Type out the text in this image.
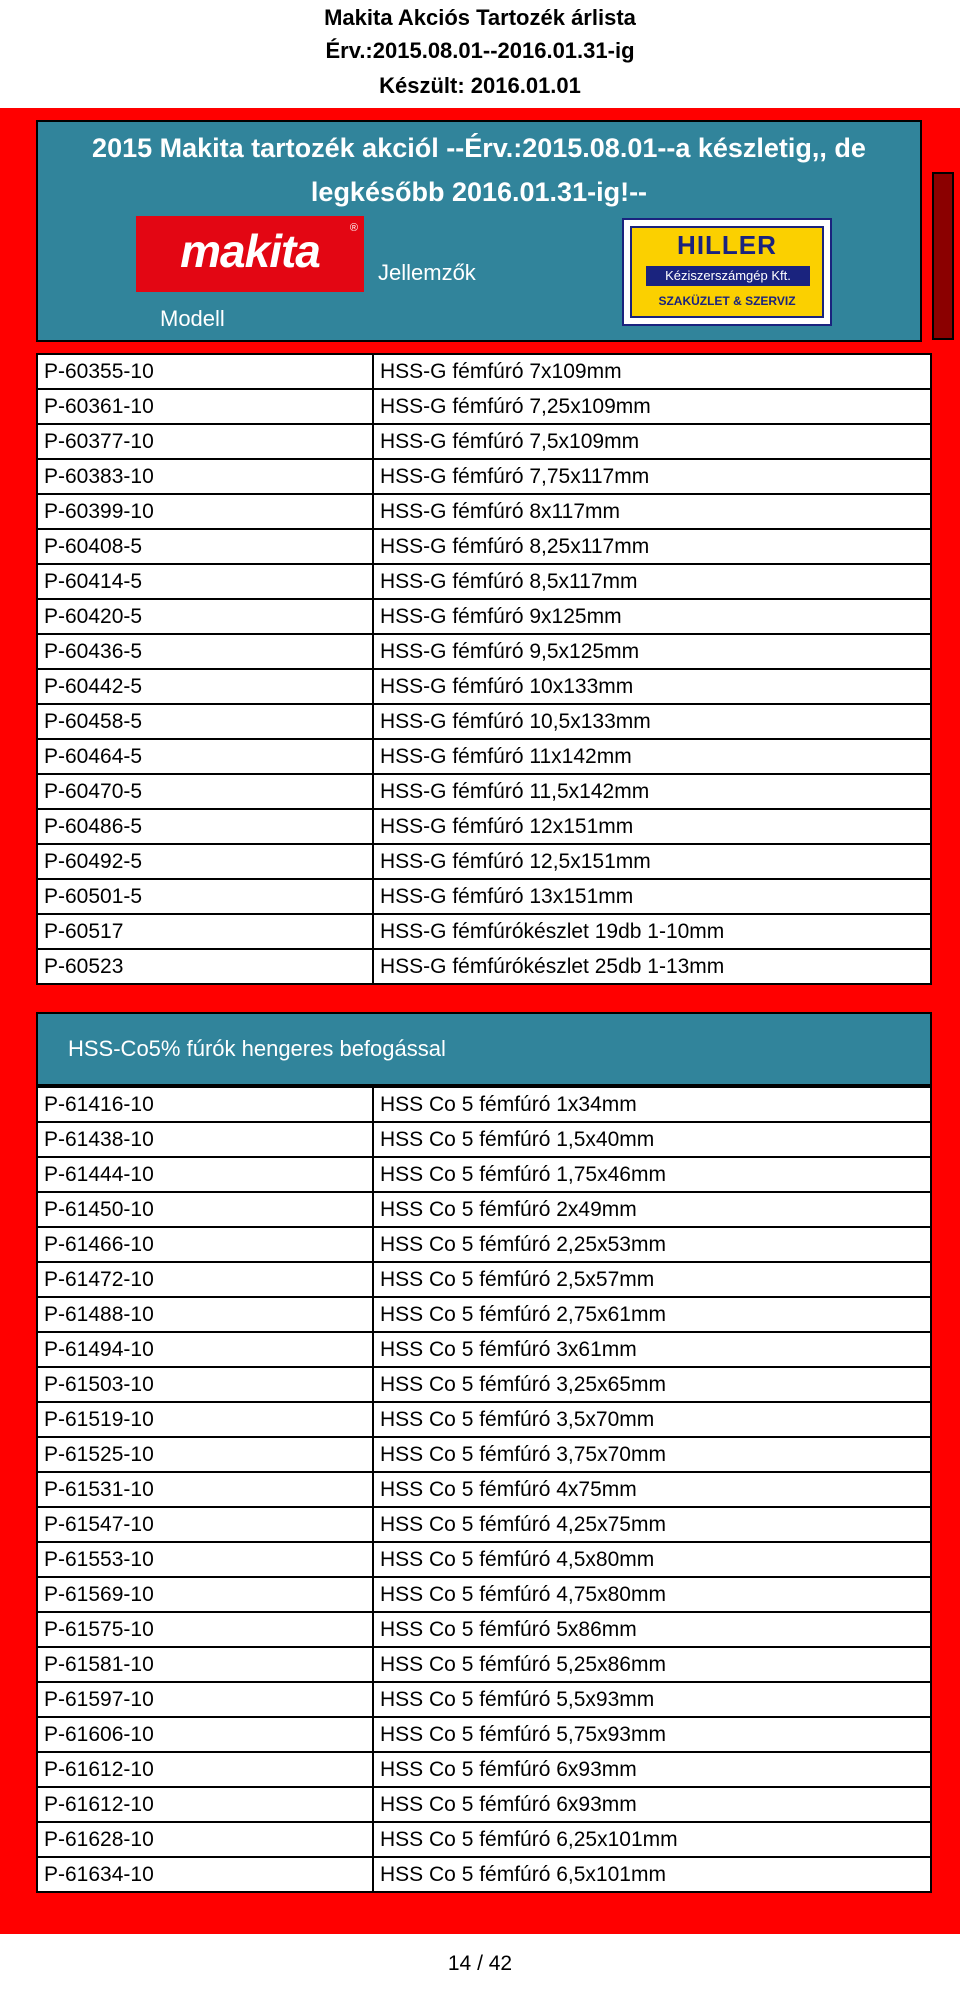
Makita Akciós Tartozék árlista
Érv.:2015.08.01--2016.01.31-ig
Készült: 2016.01.01
2015 Makita tartozék akciól --Érv.:2015.08.01--a készletig,, de
legkésőbb 2016.01.31-ig!--
makita	®
Jellemzők
Modell
HILLER
Kéziszerszámgép Kft.
SZAKÜZLET & SZERVIZ
P-60355-10	HSS-G fémfúró 7x109mm
P-60361-10	HSS-G fémfúró 7,25x109mm
P-60377-10	HSS-G fémfúró 7,5x109mm
P-60383-10	HSS-G fémfúró 7,75x117mm
P-60399-10	HSS-G fémfúró 8x117mm
P-60408-5	HSS-G fémfúró 8,25x117mm
P-60414-5	HSS-G fémfúró 8,5x117mm
P-60420-5	HSS-G fémfúró 9x125mm
P-60436-5	HSS-G fémfúró 9,5x125mm
P-60442-5	HSS-G fémfúró 10x133mm
P-60458-5	HSS-G fémfúró 10,5x133mm
P-60464-5	HSS-G fémfúró 11x142mm
P-60470-5	HSS-G fémfúró 11,5x142mm
P-60486-5	HSS-G fémfúró 12x151mm
P-60492-5	HSS-G fémfúró 12,5x151mm
P-60501-5	HSS-G fémfúró 13x151mm
P-60517	HSS-G fémfúrókészlet 19db 1-10mm
P-60523	HSS-G fémfúrókészlet 25db 1-13mm
HSS-Co5% fúrók hengeres befogással
P-61416-10	HSS Co 5 fémfúró 1x34mm
P-61438-10	HSS Co 5 fémfúró 1,5x40mm
P-61444-10	HSS Co 5 fémfúró 1,75x46mm
P-61450-10	HSS Co 5 fémfúró 2x49mm
P-61466-10	HSS Co 5 fémfúró 2,25x53mm
P-61472-10	HSS Co 5 fémfúró 2,5x57mm
P-61488-10	HSS Co 5 fémfúró 2,75x61mm
P-61494-10	HSS Co 5 fémfúró 3x61mm
P-61503-10	HSS Co 5 fémfúró 3,25x65mm
P-61519-10	HSS Co 5 fémfúró 3,5x70mm
P-61525-10	HSS Co 5 fémfúró 3,75x70mm
P-61531-10	HSS Co 5 fémfúró 4x75mm
P-61547-10	HSS Co 5 fémfúró 4,25x75mm
P-61553-10	HSS Co 5 fémfúró 4,5x80mm
P-61569-10	HSS Co 5 fémfúró 4,75x80mm
P-61575-10	HSS Co 5 fémfúró 5x86mm
P-61581-10	HSS Co 5 fémfúró 5,25x86mm
P-61597-10	HSS Co 5 fémfúró 5,5x93mm
P-61606-10	HSS Co 5 fémfúró 5,75x93mm
P-61612-10	HSS Co 5 fémfúró 6x93mm
P-61612-10	HSS Co 5 fémfúró 6x93mm
P-61628-10	HSS Co 5 fémfúró 6,25x101mm
P-61634-10	HSS Co 5 fémfúró 6,5x101mm
14 / 42
